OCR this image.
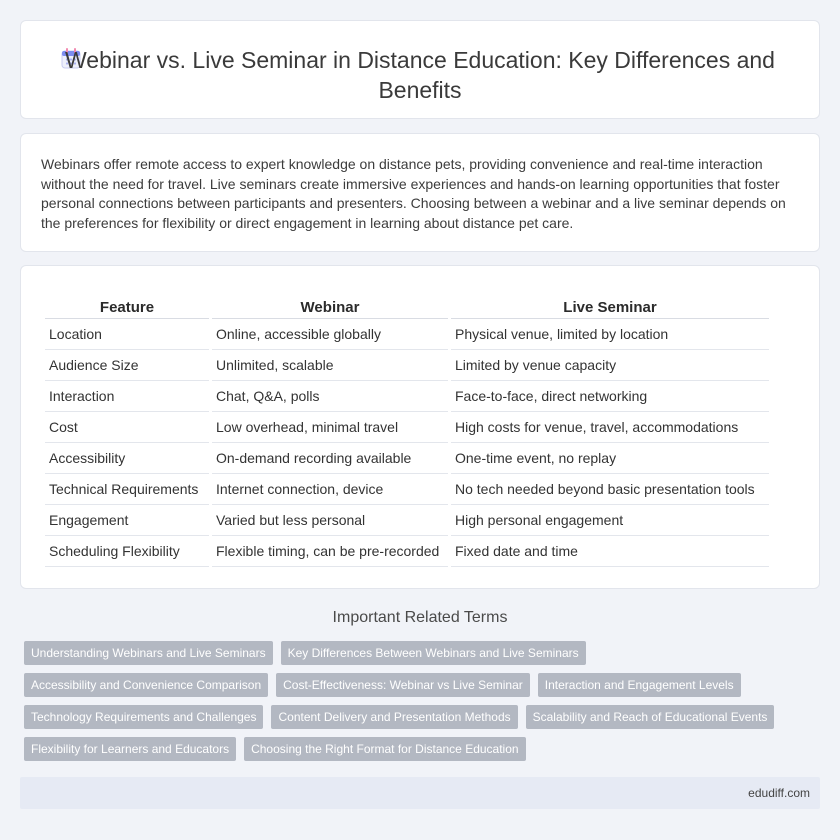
Webinar vs. Live Seminar in Distance Education: Key Differences and Benefits

Webinars offer remote access to expert knowledge on distance pets, providing convenience and real-time interaction without the need for travel. Live seminars create immersive experiences and hands-on learning opportunities that foster personal connections between participants and presenters. Choosing between a webinar and a live seminar depends on the preferences for flexibility or direct engagement in learning about distance pet care.

Feature	Webinar	Live Seminar
Location	Online, accessible globally	Physical venue, limited by location
Audience Size	Unlimited, scalable	Limited by venue capacity
Interaction	Chat, Q&A, polls	Face-to-face, direct networking
Cost	Low overhead, minimal travel	High costs for venue, travel, accommodations
Accessibility	On-demand recording available	One-time event, no replay
Technical Requirements	Internet connection, device	No tech needed beyond basic presentation tools
Engagement	Varied but less personal	High personal engagement
Scheduling Flexibility	Flexible timing, can be pre-recorded	Fixed date and time
Important Related Terms
Understanding Webinars and Live Seminars	Key Differences Between Webinars and Live Seminars
Accessibility and Convenience Comparison	Cost-Effectiveness: Webinar vs Live Seminar	Interaction and Engagement Levels
Technology Requirements and Challenges	Content Delivery and Presentation Methods	Scalability and Reach of Educational Events
Flexibility for Learners and Educators	Choosing the Right Format for Distance Education
edudiff.com
